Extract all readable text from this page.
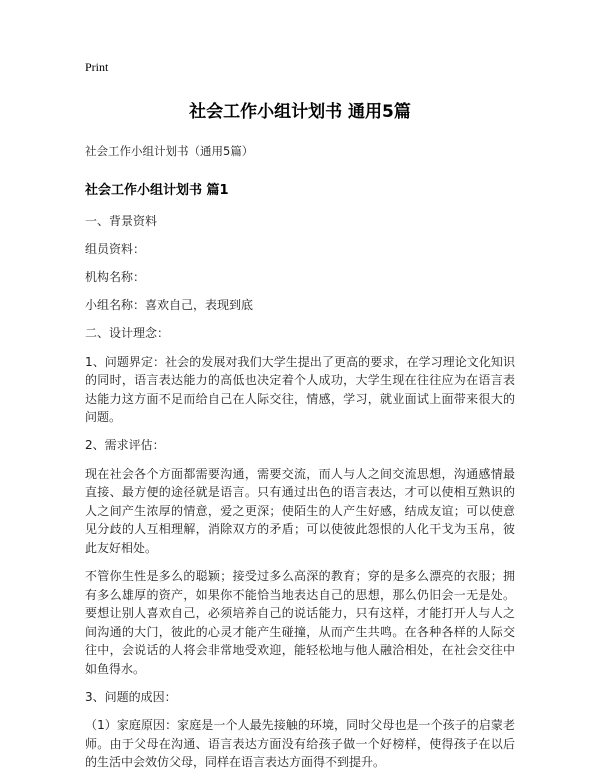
Print
社会工作小组计划书 通用5篇
社会工作小组计划书（通用5篇）
社会工作小组计划书 篇1

一、背景资料

组员资料：

机构名称：

小组名称：喜欢自己，表现到底

二、设计理念：

1、问题界定：社会的发展对我们大学生提出了更高的要求，在学习理论文化知识的同时，语言表达能力的高低也决定着个人成功，大学生现在往往应为在语言表达能力这方面不足而给自己在人际交往，情感，学习，就业面试上面带来很大的问题。

2、需求评估：

现在社会各个方面都需要沟通，需要交流，而人与人之间交流思想，沟通感情最直接、最方便的途径就是语言。只有通过出色的语言表达，才可以使相互熟识的人之间产生浓厚的情意，爱之更深；使陌生的人产生好感，结成友谊；可以使意见分歧的人互相理解，消除双方的矛盾；可以使彼此怨恨的人化干戈为玉帛，彼此友好相处。

不管你生性是多么的聪颖；接受过多么高深的教育；穿的是多么漂亮的衣服；拥有多么雄厚的资产，如果你不能恰当地表达自己的思想，那么仍旧会一无是处。要想让别人喜欢自己，必须培养自己的说话能力，只有这样，才能打开人与人之间沟通的大门，彼此的心灵才能产生碰撞，从而产生共鸣。在各种各样的人际交往中，会说话的人将会非常地受欢迎，能轻松地与他人融洽相处，在社会交往中如鱼得水。

3、问题的成因：

（1）家庭原因：家庭是一个人最先接触的环境，同时父母也是一个孩子的启蒙老师。由于父母在沟通、语言表达方面没有给孩子做一个好榜样，使得孩子在以后的生活中会效仿父母，同样在语言表达方面得不到提升。
